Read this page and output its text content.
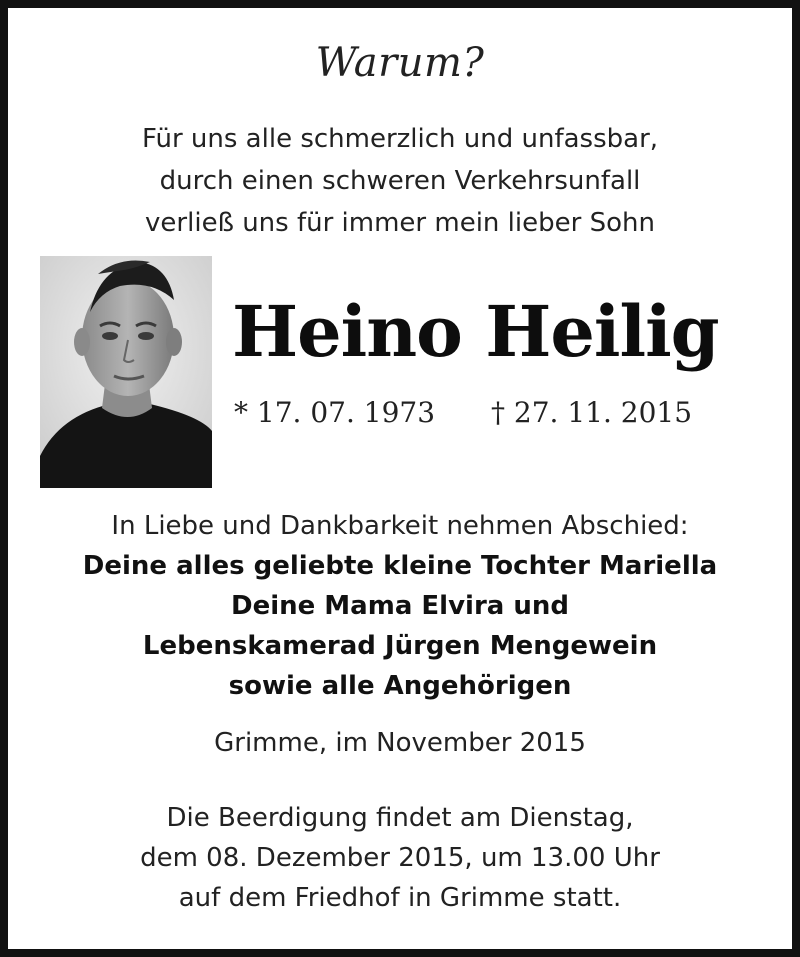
Warum?
Für uns alle schmerzlich und unfassbar,
durch einen schweren Verkehrsunfall
verließ uns für immer mein lieber Sohn
Heino Heilig
* 17. 07. 1973 † 27. 11. 2015
In Liebe und Dankbarkeit nehmen Abschied:
Deine alles geliebte kleine Tochter Mariella
Deine Mama Elvira und
Lebenskamerad Jürgen Mengewein
sowie alle Angehörigen
Grimme, im November 2015
Die Beerdigung findet am Dienstag,
dem 08. Dezember 2015, um 13.00 Uhr
auf dem Friedhof in Grimme statt.
